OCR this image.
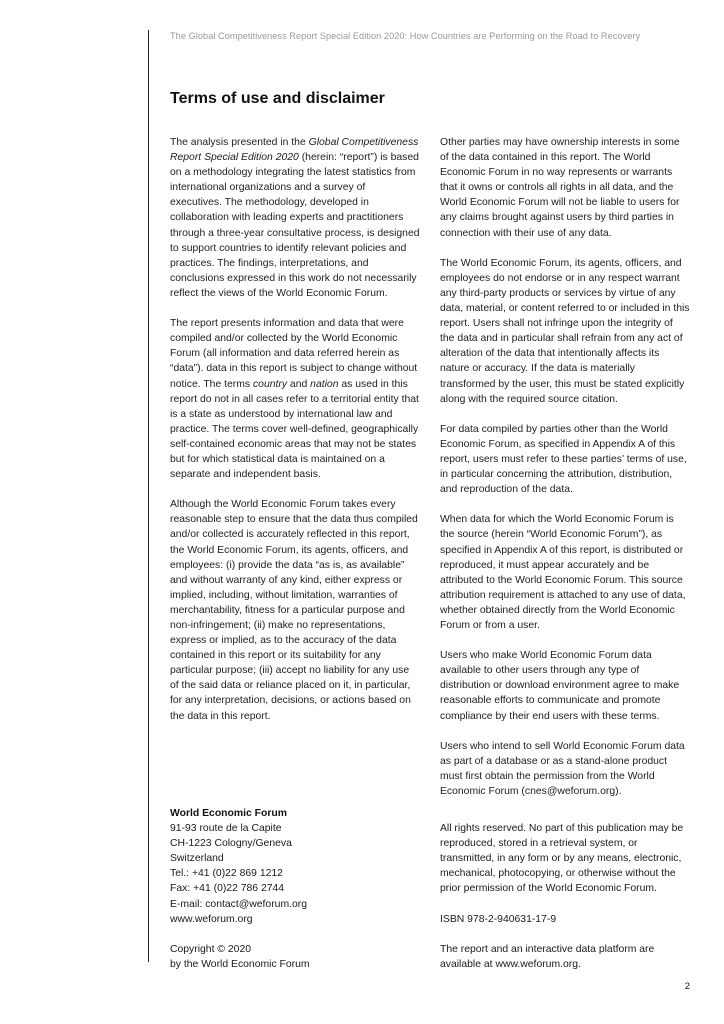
The Global Competitiveness Report Special Edition 2020: How Countries are Performing on the Road to Recovery
Terms of use and disclaimer

The analysis presented in the Global Competitiveness Report Special Edition 2020 (herein: “report”) is based on a methodology integrating the latest statistics from international organizations and a survey of executives. The methodology, developed in collaboration with leading experts and practitioners through a three-year consultative process, is designed to support countries to identify relevant policies and practices. The findings, interpretations, and conclusions expressed in this work do not necessarily reflect the views of the World Economic Forum.

The report presents information and data that were compiled and/or collected by the World Economic Forum (all information and data referred herein as “data”). data in this report is subject to change without notice. The terms country and nation as used in this report do not in all cases refer to a territorial entity that is a state as understood by international law and practice. The terms cover well-defined, geographically self-contained economic areas that may not be states but for which statistical data is maintained on a separate and independent basis.

Although the World Economic Forum takes every reasonable step to ensure that the data thus compiled and/or collected is accurately reflected in this report, the World Economic Forum, its agents, officers, and employees: (i) provide the data “as is, as available” and without warranty of any kind, either express or implied, including, without limitation, warranties of merchantability, fitness for a particular purpose and non-infringement; (ii) make no representations, express or implied, as to the accuracy of the data contained in this report or its suitability for any particular purpose; (iii) accept no liability for any use of the said data or reliance placed on it, in particular, for any interpretation, decisions, or actions based on the data in this report.

Other parties may have ownership interests in some of the data contained in this report. The World Economic Forum in no way represents or warrants that it owns or controls all rights in all data, and the World Economic Forum will not be liable to users for any claims brought against users by third parties in connection with their use of any data.

The World Economic Forum, its agents, officers, and employees do not endorse or in any respect warrant any third-party products or services by virtue of any data, material, or content referred to or included in this report. Users shall not infringe upon the integrity of the data and in particular shall refrain from any act of alteration of the data that intentionally affects its nature or accuracy. If the data is materially transformed by the user, this must be stated explicitly along with the required source citation.

For data compiled by parties other than the World Economic Forum, as specified in Appendix A of this report, users must refer to these parties’ terms of use, in particular concerning the attribution, distribution, and reproduction of the data.

When data for which the World Economic Forum is the source (herein “World Economic Forum”), as specified in Appendix A of this report, is distributed or reproduced, it must appear accurately and be attributed to the World Economic Forum. This source attribution requirement is attached to any use of data, whether obtained directly from the World Economic Forum or from a user.

Users who make World Economic Forum data available to other users through any type of distribution or download environment agree to make reasonable efforts to communicate and promote compliance by their end users with these terms.

Users who intend to sell World Economic Forum data as part of a database or as a stand-alone product must first obtain the permission from the World Economic Forum (cnes@weforum.org).

World Economic Forum
91-93 route de la Capite
CH-1223 Cologny/Geneva
Switzerland
Tel.: +41 (0)22 869 1212
Fax: +41 (0)22 786 2744
E-mail: contact@weforum.org
www.weforum.org
Copyright © 2020
by the World Economic Forum

All rights reserved. No part of this publication may be reproduced, stored in a retrieval system, or transmitted, in any form or by any means, electronic, mechanical, photocopying, or otherwise without the prior permission of the World Economic Forum.

ISBN 978-2-940631-17-9

The report and an interactive data platform are available at www.weforum.org.

2
